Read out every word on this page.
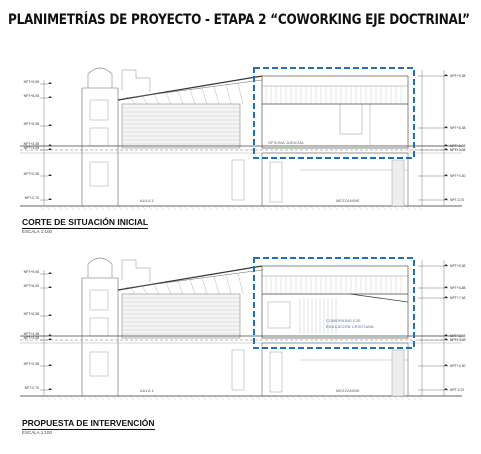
PLANIMETRÍAS DE PROYECTO - ETAPA 2 “COWORKING EJE DOCTRINAL”
NPT+9,08
NPT+8,08
NPT+6,38
NPT+3,38
NPT+3,08
NPT+0,38
NPT-0,70
NPT+9,38
NPT+6,38
NPT+3,58
NPT+3,38
NPT+0,30
NPT-0,70
OFICINA JUDICIAL
AULA 1	MEZZANINE
NPT+9,08
NPT+8,08
NPT+6,38
NPT+3,38
NPT+3,08
NPT+0,38
NPT-0,70
NPT+9,38
NPT+6,88
NPT+7,48
NPT+3,58
NPT+3,38
NPT+0,30
NPT-0,70
COWORKING EJE
EDUCACIÓN CRISTIANA
AULA 1	MEZZANINE
CORTE DE SITUACIÓN INICIAL
ESCALA 1:100
PROPUESTA DE INTERVENCIÓN
ESCALA 1:100
